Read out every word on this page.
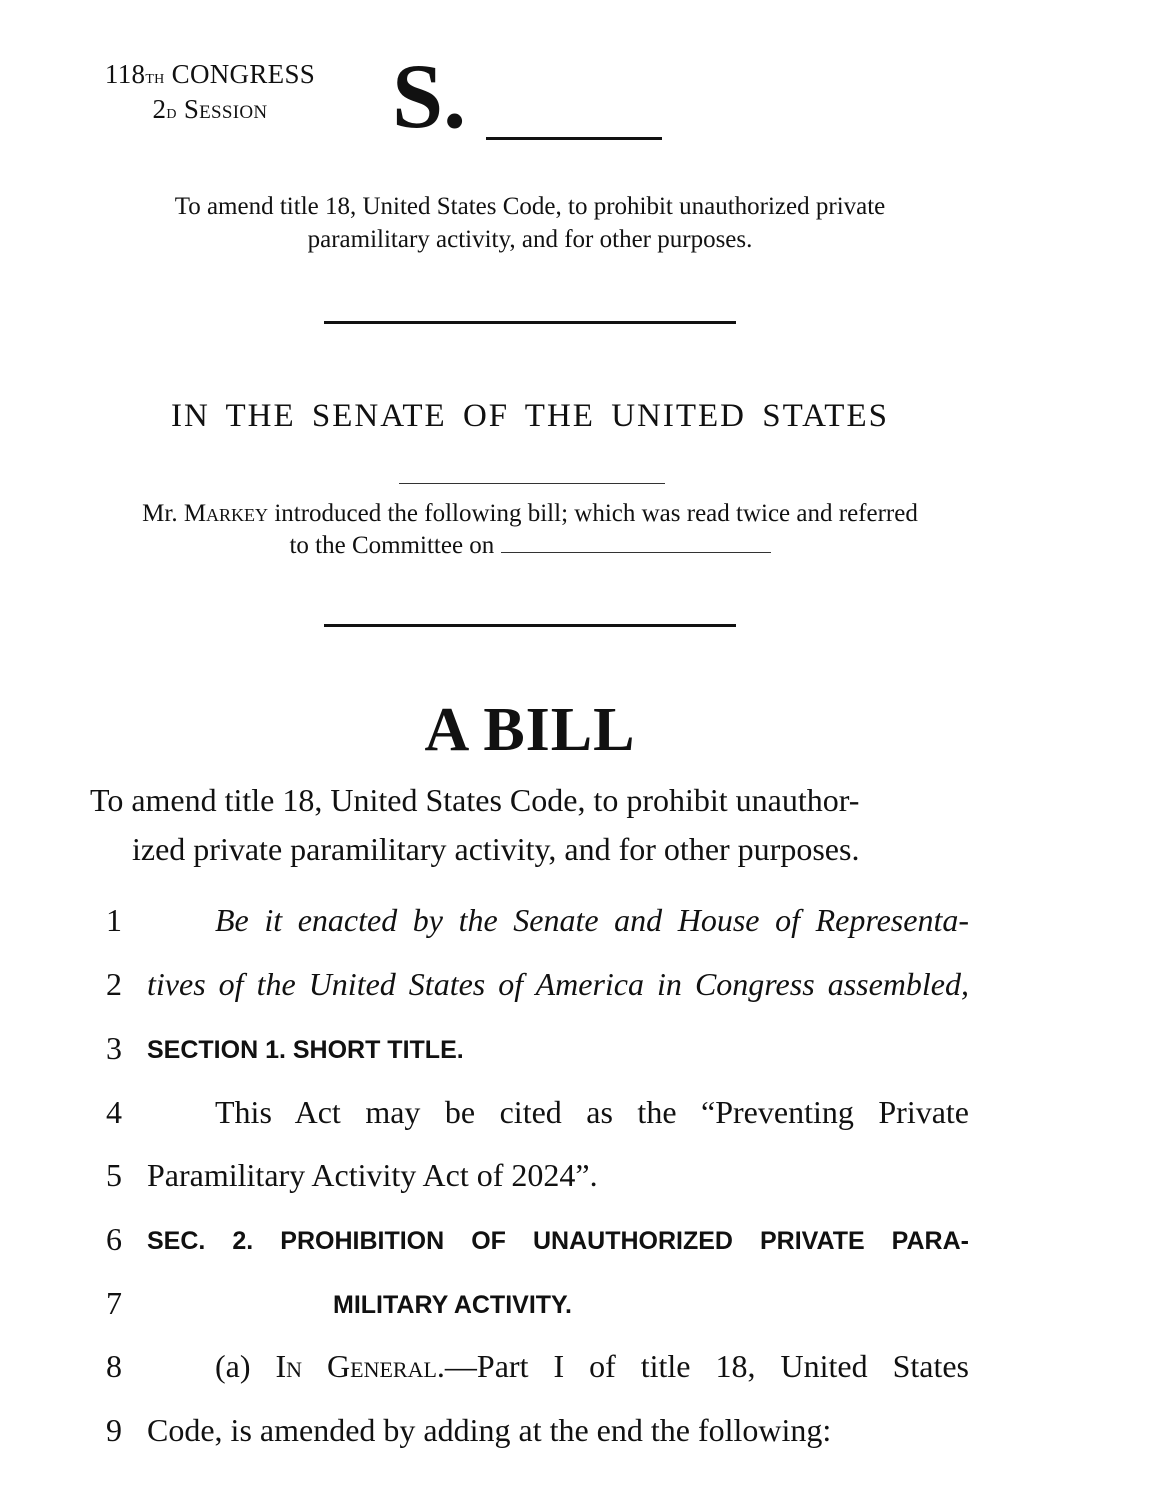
118th CONGRESS
2d Session	S.
To amend title 18, United States Code, to prohibit unauthorized private
paramilitary activity, and for other purposes.
IN THE SENATE OF THE UNITED STATES
Mr. Markey introduced the following bill; which was read twice and referred
to the Committee on
A BILL
To amend title 18, United States Code, to prohibit unauthor-
ized private paramilitary activity, and for other purposes.
1	Be it enacted by the Senate and House of Representa-
2 tives of the United States of America in Congress assembled,
3	SECTION 1. SHORT TITLE.
4	This Act may be cited as the “Preventing Private
5 Paramilitary Activity Act of 2024”.
6	SEC. 2. PROHIBITION OF UNAUTHORIZED PRIVATE PARA-
7	MILITARY ACTIVITY.
8	(a) In General.—Part I of title 18, United States
9 Code, is amended by adding at the end the following:
